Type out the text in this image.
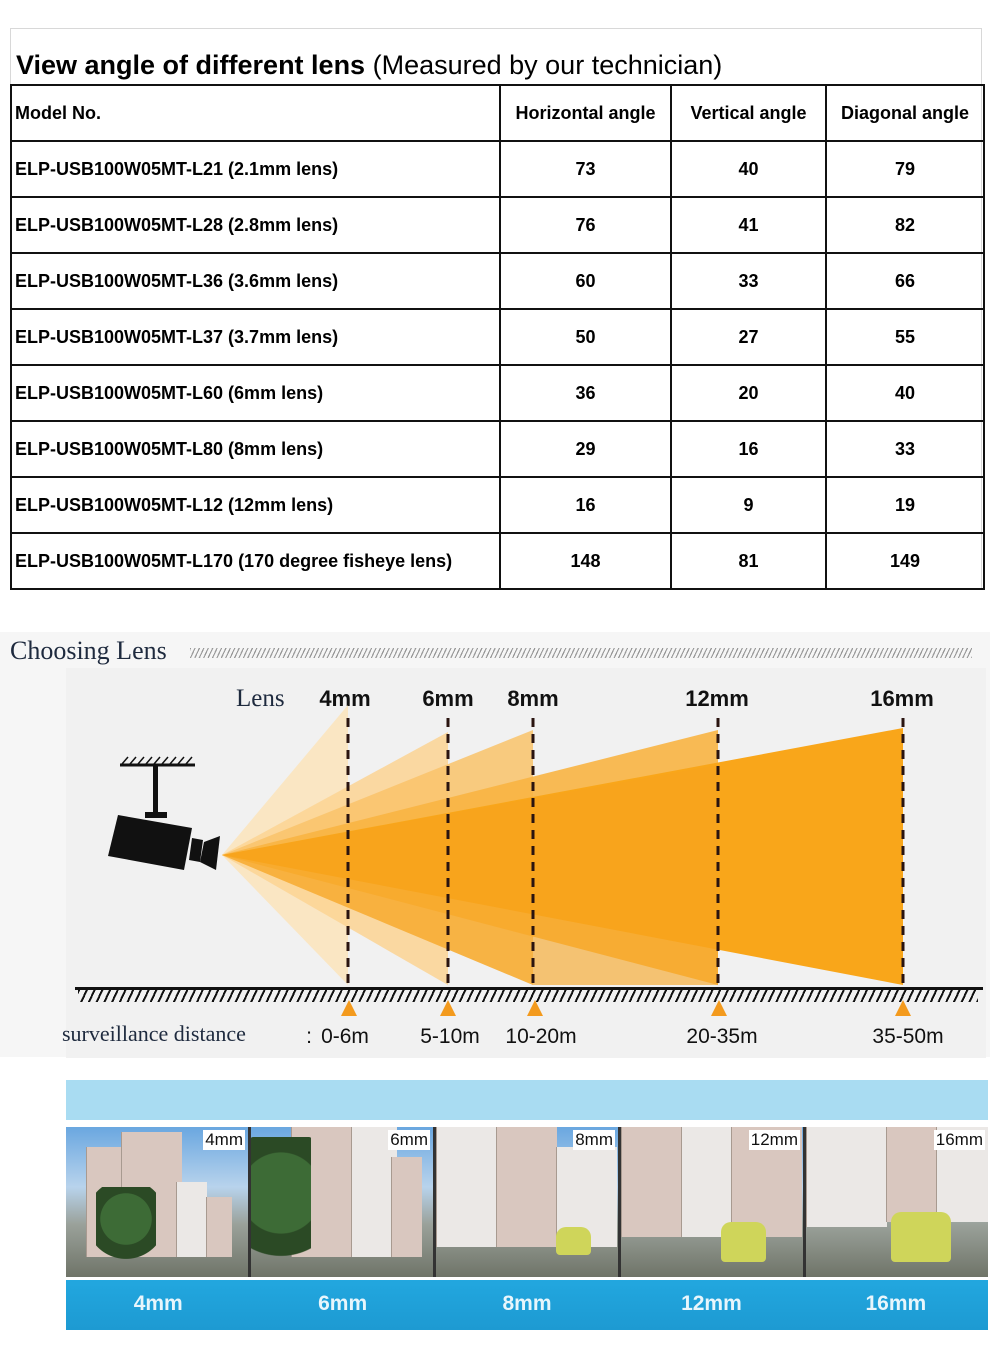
View angle of different lens (Measured by our technician)
Model No.	Horizontal angle	Vertical angle	Diagonal angle
ELP-USB100W05MT-L21 (2.1mm lens)	73	40	79
ELP-USB100W05MT-L28 (2.8mm lens)	76	41	82
ELP-USB100W05MT-L36 (3.6mm lens)	60	33	66
ELP-USB100W05MT-L37 (3.7mm lens)	50	27	55
ELP-USB100W05MT-L60 (6mm lens)	36	20	40
ELP-USB100W05MT-L80 (8mm lens)	29	16	33
ELP-USB100W05MT-L12 (12mm lens)	16	9	19
ELP-USB100W05MT-L170 (170 degree fisheye lens)	148	81	149
Choosing Lens
Lens 4mm 6mm 8mm	12mm	16mm
surveillance distance	: 0-6m 5-10m 10-20m	20-35m	35-50m
4mm	6mm	8mm	12mm	16mm
4mm	6mm	8mm	12mm	16mm
